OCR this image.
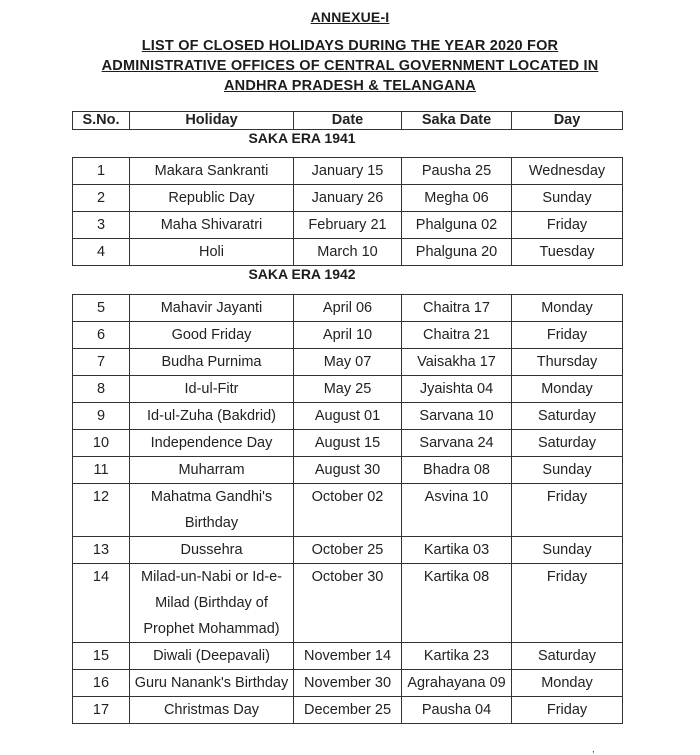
ANNEXUE-I
LIST OF CLOSED HOLIDAYS DURING THE YEAR 2020 FOR
ADMINISTRATIVE OFFICES OF CENTRAL GOVERNMENT LOCATED IN
ANDHRA PRADESH & TELANGANA
S.No.	Holiday	Date	Saka Date	Day
SAKA ERA 1941
1	Makara Sankranti	January 15	Pausha 25	Wednesday
2	Republic Day	January 26	Megha 06	Sunday
3	Maha Shivaratri	February 21	Phalguna 02	Friday
4	Holi	March 10	Phalguna 20	Tuesday
SAKA ERA 1942
5	Mahavir Jayanti	April 06	Chaitra 17	Monday
6	Good Friday	April 10	Chaitra 21	Friday
7	Budha Purnima	May 07	Vaisakha 17	Thursday
8	Id-ul-Fitr	May 25	Jyaishta 04	Monday
9	Id-ul-Zuha (Bakdrid)	August 01	Sarvana 10	Saturday
10	Independence Day	August 15	Sarvana 24	Saturday
11	Muharram	August 30	Bhadra 08	Sunday
12	Mahatma Gandhi's
Birthday	October 02	Asvina 10	Friday
13	Dussehra	October 25	Kartika 03	Sunday
14	Milad-un-Nabi or Id-e-
Milad (Birthday of
Prophet Mohammad)	October 30	Kartika 08	Friday
15	Diwali (Deepavali)	November 14	Kartika 23	Saturday
16	Guru Nanank's Birthday	November 30	Agrahayana 09	Monday
17	Christmas Day	December 25	Pausha 04	Friday
,
